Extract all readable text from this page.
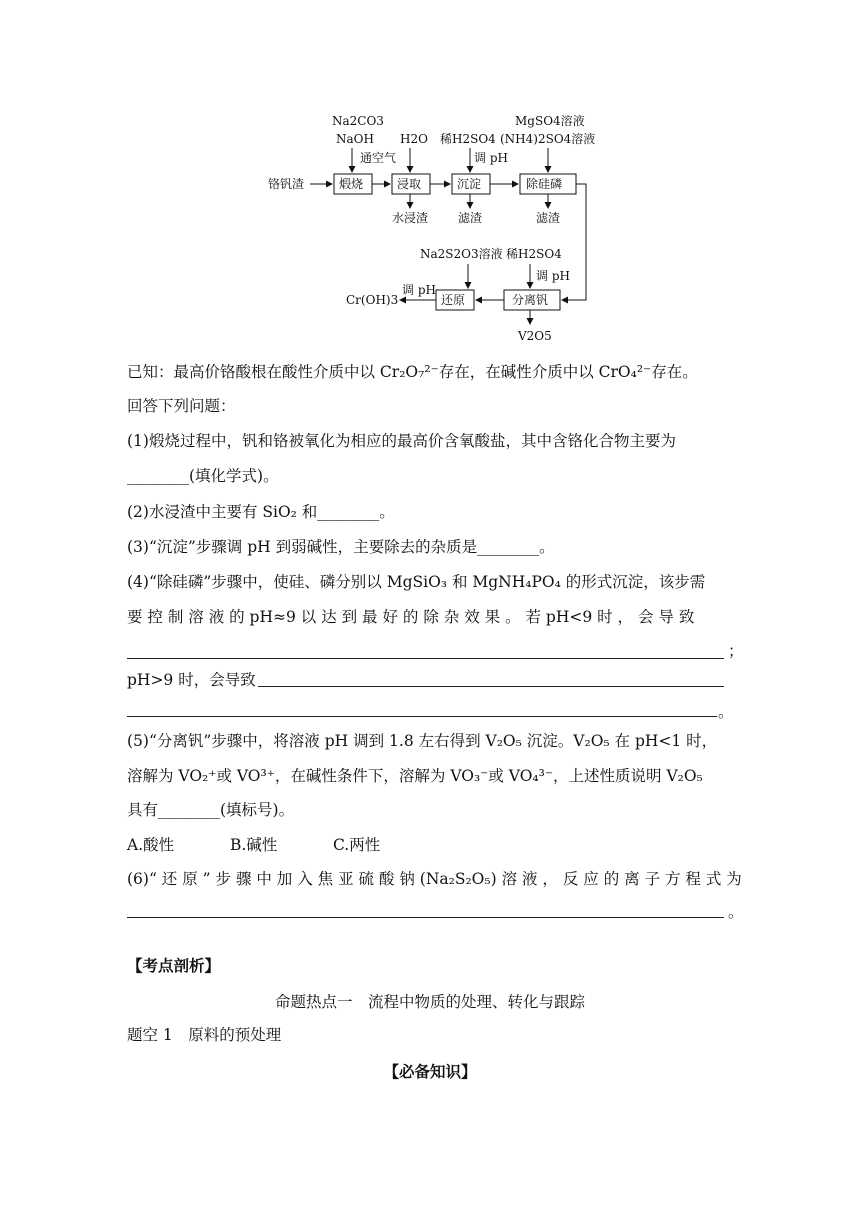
Na2CO3
NaOH H2O 稀H2SO4
MgSO4溶液
(NH4)2SO4溶液
通空气	调 pH
铬钒渣	煅烧	浸取	沉淀	除硅磷
水浸渣 滤渣	滤渣
Na2S2O3溶液 稀H2SO4
调 pH
分离钒
还原
调 pH
Cr(OH)3
V2O5
已知：最高价铬酸根在酸性介质中以 Cr₂O₇²⁻存在，在碱性介质中以 CrO₄²⁻存在。
回答下列问题：
(1)煅烧过程中，钒和铬被氧化为相应的最高价含氧酸盐，其中含铬化合物主要为
________(填化学式)。
(2)水浸渣中主要有 SiO₂ 和________。
(3)“沉淀”步骤调 pH 到弱碱性，主要除去的杂质是________。
(4)“除硅磷”步骤中，使硅、磷分别以 MgSiO₃ 和 MgNH₄PO₄ 的形式沉淀，该步需
要 控 制 溶 液 的 pH≈9 以 达 到 最 好 的 除 杂 效 果 。 若 pH<9 时 ， 会 导 致
；
pH>9 时，会导致
。
(5)“分离钒”步骤中，将溶液 pH 调到 1.8 左右得到 V₂O₅ 沉淀。V₂O₅ 在 pH<1 时，
溶解为 VO₂⁺或 VO³⁺，在碱性条件下，溶解为 VO₃⁻或 VO₄³⁻，上述性质说明 V₂O₅
具有________(填标号)。
A.酸性	B.碱性	C.两性
(6)“ 还 原 ” 步 骤 中 加 入 焦 亚 硫 酸 钠 (Na₂S₂O₅) 溶 液 ， 反 应 的 离 子 方 程 式 为
。
【考点剖析】
命题热点一　流程中物质的处理、转化与跟踪
题空 1　原料的预处理
【必备知识】
